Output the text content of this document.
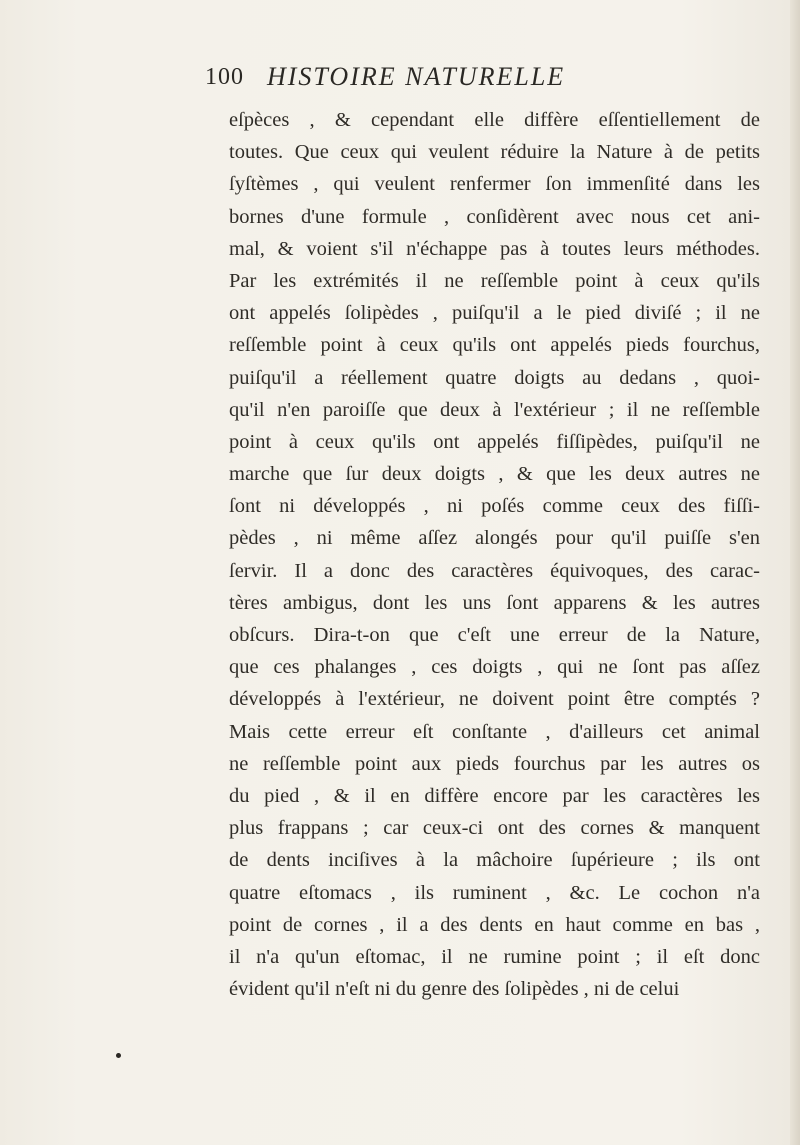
100 HISTOIRE NATURELLE
eſpèces , & cependant elle diffère eſſentiellement de
toutes. Que ceux qui veulent réduire la Nature à de petits
ſyſtèmes , qui veulent renfermer ſon immenſité dans les
bornes d'une formule , conſidèrent avec nous cet ani-
mal, & voient s'il n'échappe pas à toutes leurs méthodes.
Par les extrémités il ne reſſemble point à ceux qu'ils
ont appelés ſolipèdes , puiſqu'il a le pied diviſé ; il ne
reſſemble point à ceux qu'ils ont appelés pieds fourchus,
puiſqu'il a réellement quatre doigts au dedans , quoi-
qu'il n'en paroiſſe que deux à l'extérieur ; il ne reſſemble
point à ceux qu'ils ont appelés fiſſipèdes, puiſqu'il ne
marche que ſur deux doigts , & que les deux autres ne
ſont ni développés , ni poſés comme ceux des fiſſi-
pèdes , ni même aſſez alongés pour qu'il puiſſe s'en
ſervir. Il a donc des caractères équivoques, des carac-
tères ambigus, dont les uns ſont apparens & les autres
obſcurs. Dira-t-on que c'eſt une erreur de la Nature,
que ces phalanges , ces doigts , qui ne ſont pas aſſez
développés à l'extérieur, ne doivent point être comptés ?
Mais cette erreur eſt conſtante , d'ailleurs cet animal
ne reſſemble point aux pieds fourchus par les autres os
du pied , & il en diffère encore par les caractères les
plus frappans ; car ceux-ci ont des cornes & manquent
de dents inciſives à la mâchoire ſupérieure ; ils ont
quatre eſtomacs , ils ruminent , &c. Le cochon n'a
point de cornes , il a des dents en haut comme en bas ,
il n'a qu'un eſtomac, il ne rumine point ; il eſt donc
évident qu'il n'eſt ni du genre des ſolipèdes , ni de celui
